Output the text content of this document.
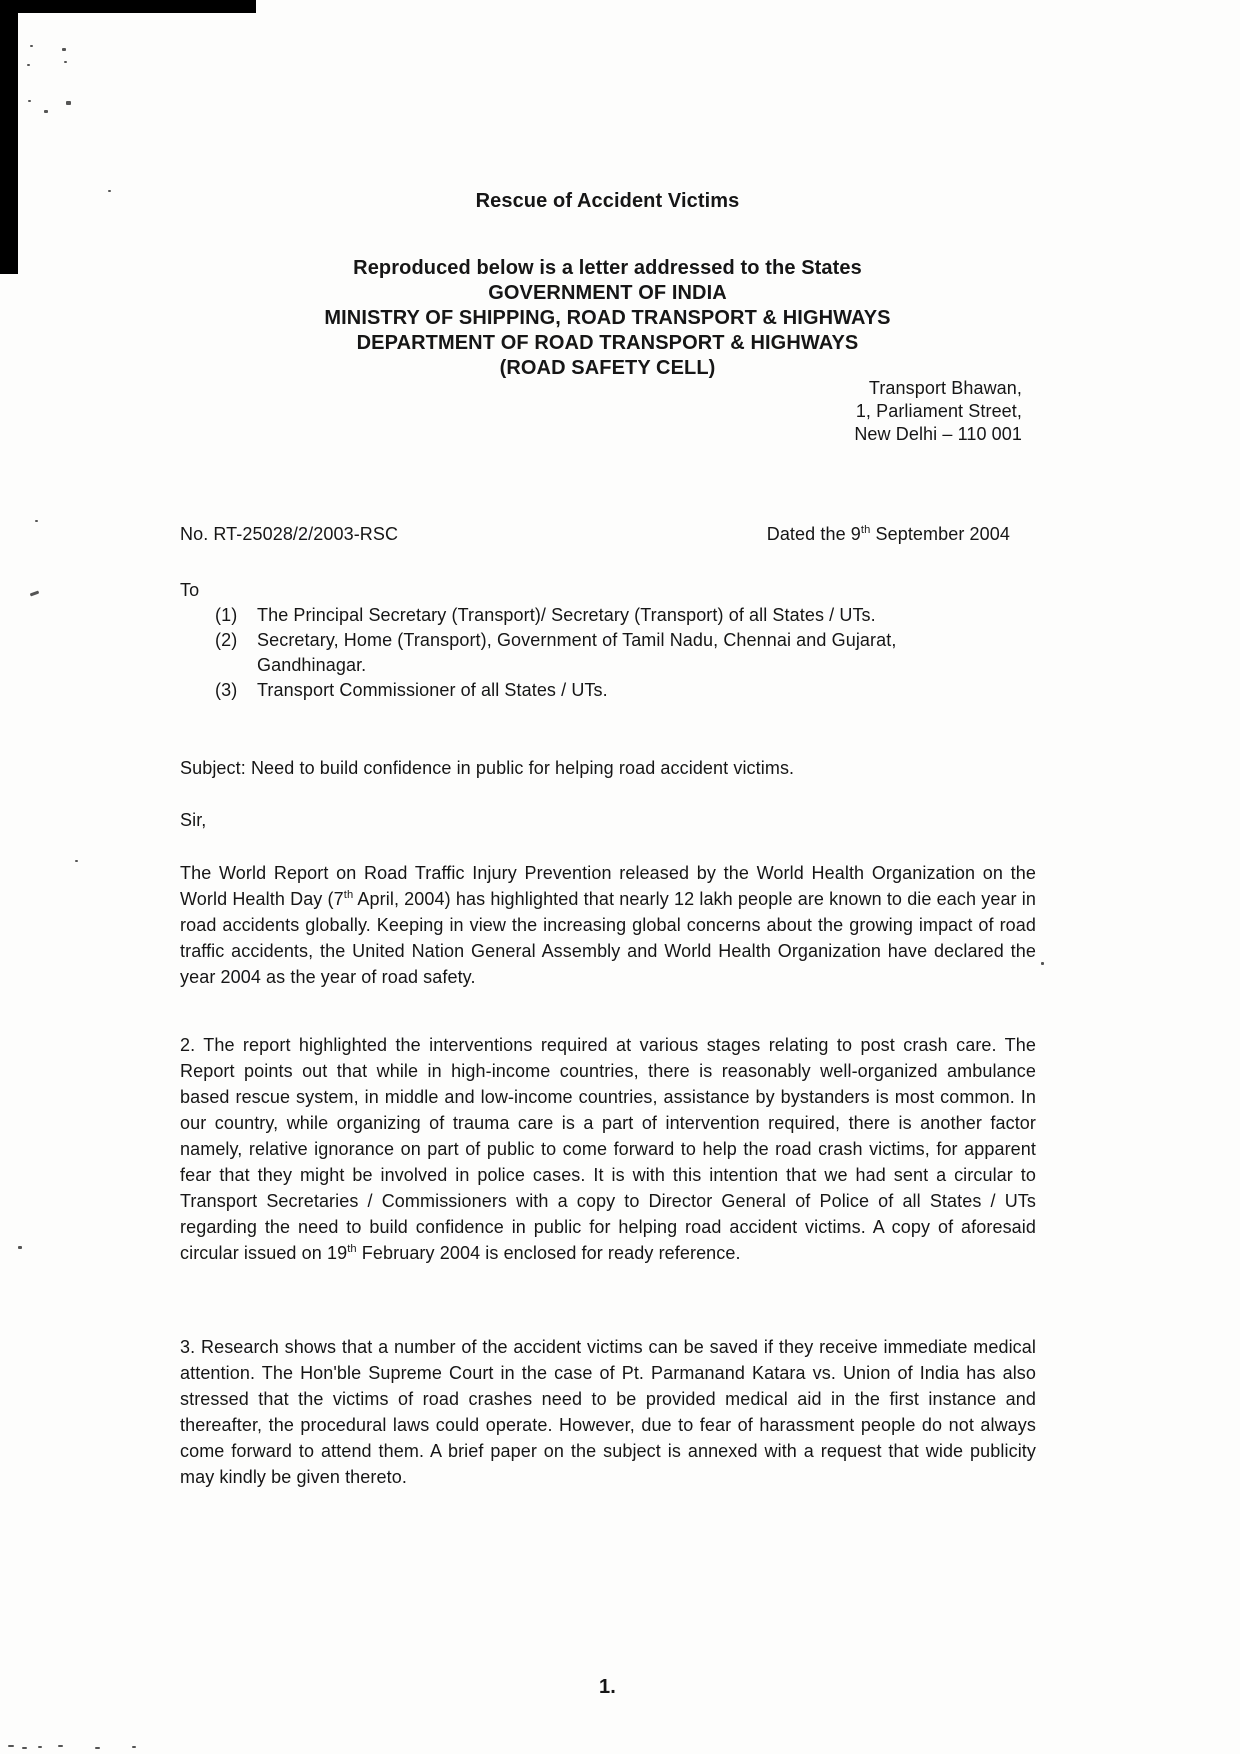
Rescue of Accident Victims
Reproduced below is a letter addressed to the States
GOVERNMENT OF INDIA
MINISTRY OF SHIPPING, ROAD TRANSPORT & HIGHWAYS
DEPARTMENT OF ROAD TRANSPORT & HIGHWAYS
(ROAD SAFETY CELL)
Transport Bhawan,
1, Parliament Street,
New Delhi – 110 001
No. RT-25028/2/2003-RSC	Dated the 9th September 2004
To
(1)	The Principal Secretary (Transport)/ Secretary (Transport) of all States / UTs.
(2)	Secretary, Home (Transport), Government of Tamil Nadu, Chennai and Gujarat,
Gandhinagar.
(3)	Transport Commissioner of all States / UTs.
Subject: Need to build confidence in public for helping road accident victims.
Sir,
The World Report on Road Traffic Injury Prevention released by the World Health Organization on the World Health Day (7th April, 2004) has highlighted that nearly 12 lakh people are known to die each year in road accidents globally. Keeping in view the increasing global concerns about the growing impact of road traffic accidents, the United Nation General Assembly and World Health Organization have declared the year 2004 as the year of road safety.
2. The report highlighted the interventions required at various stages relating to post crash care. The Report points out that while in high-income countries, there is reasonably well-organized ambulance based rescue system, in middle and low-income countries, assistance by bystanders is most common. In our country, while organizing of trauma care is a part of intervention required, there is another factor namely, relative ignorance on part of public to come forward to help the road crash victims, for apparent fear that they might be involved in police cases. It is with this intention that we had sent a circular to Transport Secretaries / Commissioners with a copy to Director General of Police of all States / UTs regarding the need to build confidence in public for helping road accident victims. A copy of aforesaid circular issued on 19th February 2004 is enclosed for ready reference.
3. Research shows that a number of the accident victims can be saved if they receive immediate medical attention. The Hon'ble Supreme Court in the case of Pt. Parmanand Katara vs. Union of India has also stressed that the victims of road crashes need to be provided medical aid in the first instance and thereafter, the procedural laws could operate. However, due to fear of harassment people do not always come forward to attend them. A brief paper on the subject is annexed with a request that wide publicity may kindly be given thereto.
1.
